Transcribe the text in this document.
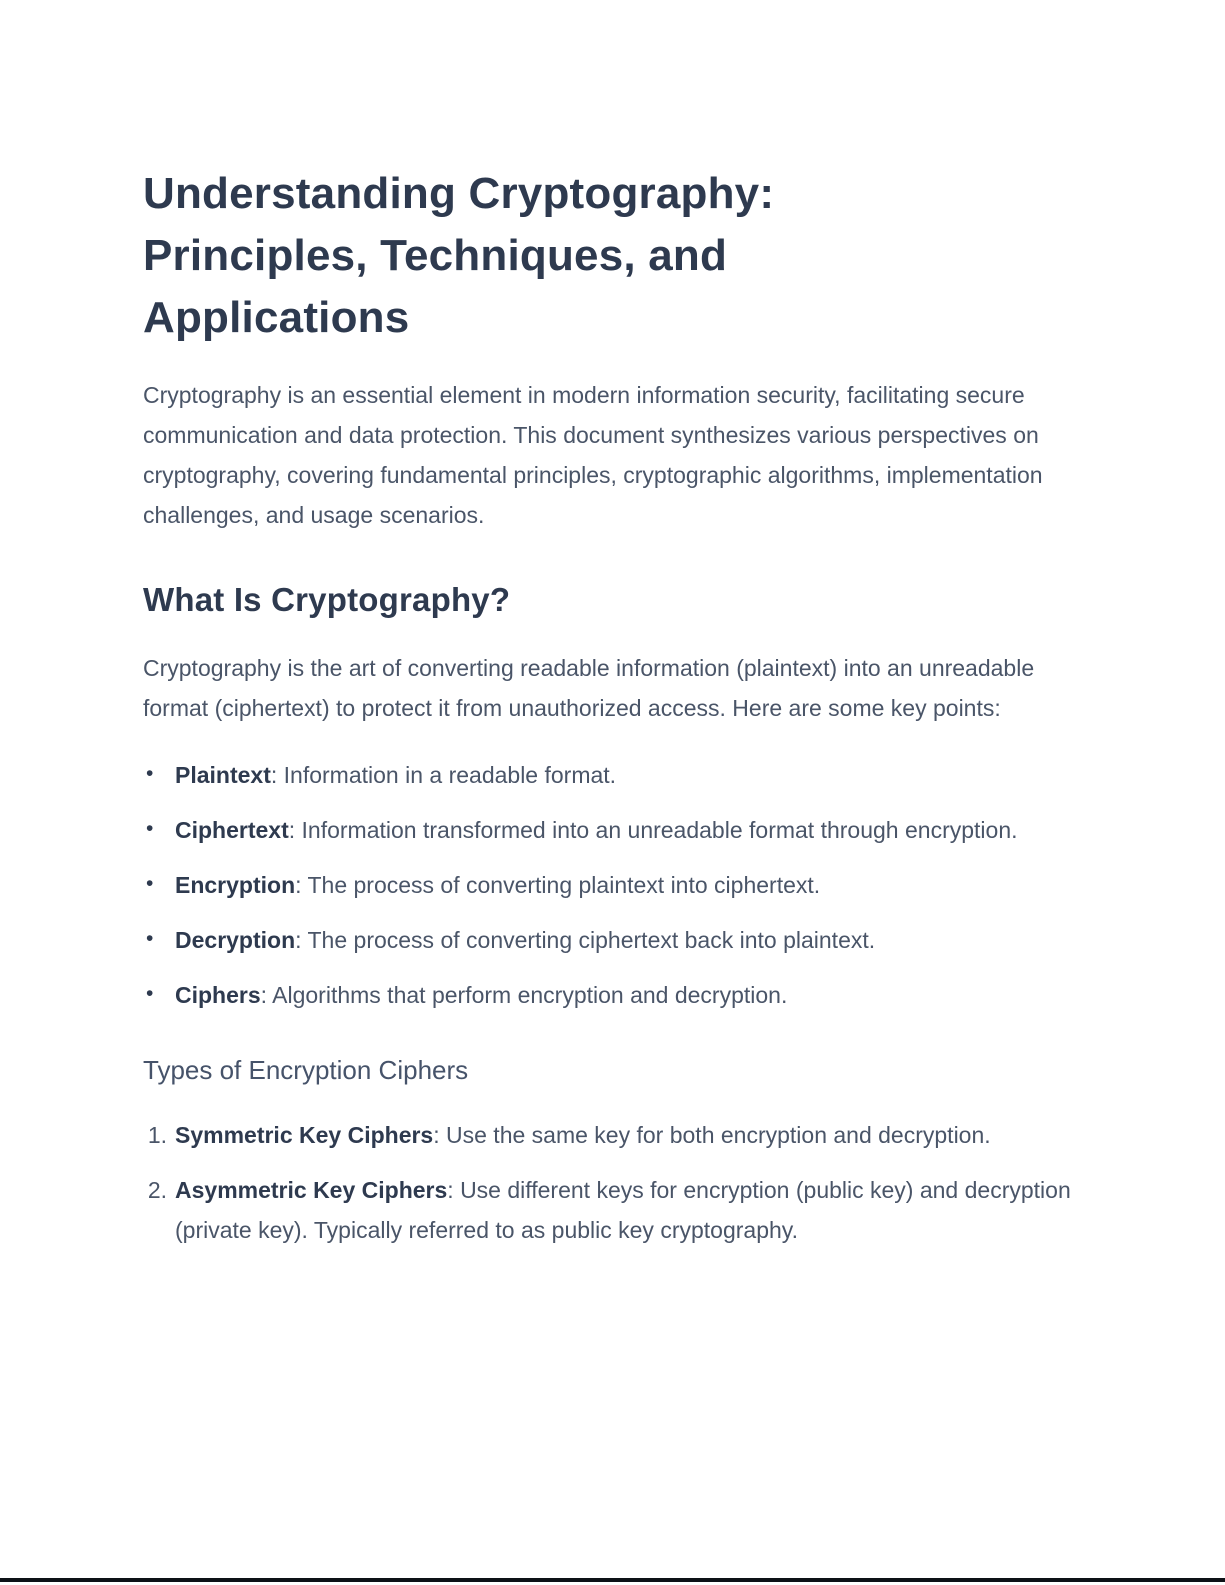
Understanding Cryptography: Principles, Techniques, and Applications

Cryptography is an essential element in modern information security, facilitating secure communication and data protection. This document synthesizes various perspectives on cryptography, covering fundamental principles, cryptographic algorithms, implementation challenges, and usage scenarios.

What Is Cryptography?

Cryptography is the art of converting readable information (plaintext) into an unreadable format (ciphertext) to protect it from unauthorized access. Here are some key points:

• Plaintext: Information in a readable format.
• Ciphertext: Information transformed into an unreadable format through encryption.
• Encryption: The process of converting plaintext into ciphertext.
• Decryption: The process of converting ciphertext back into plaintext.
• Ciphers: Algorithms that perform encryption and decryption.
Types of Encryption Ciphers
1. Symmetric Key Ciphers: Use the same key for both encryption and decryption.
2. Asymmetric Key Ciphers: Use different keys for encryption (public key) and decryption (private key). Typically referred to as public key cryptography.
